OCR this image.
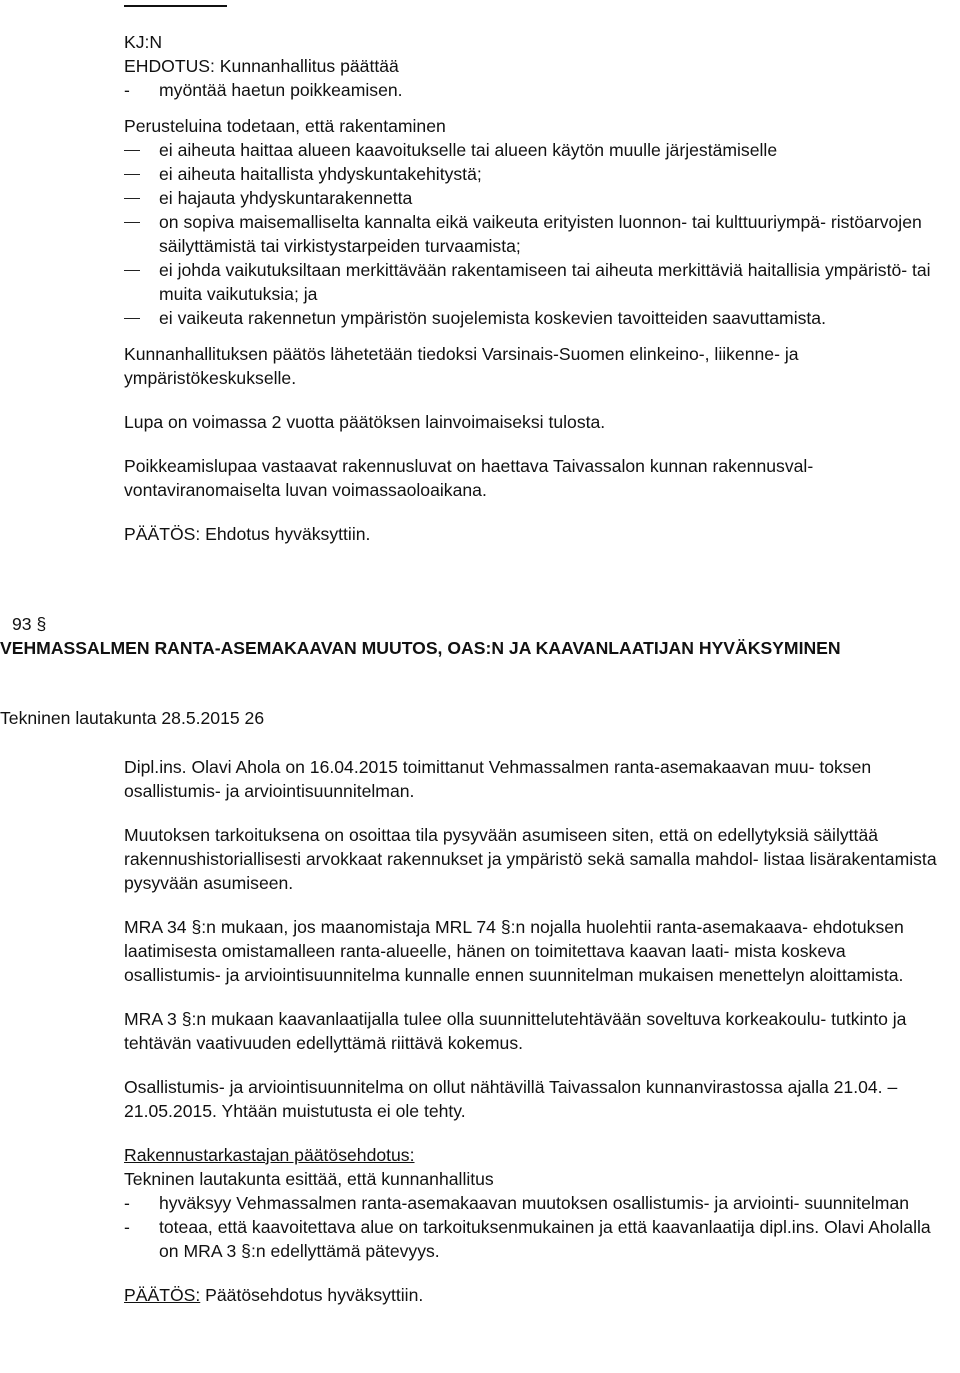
KJ:N
EHDOTUS: Kunnanhallitus päättää
- myöntää haetun poikkeamisen.
Perusteluina todetaan, että rakentaminen
ei aiheuta haittaa alueen kaavoitukselle tai alueen käytön muulle järjestämiselle
ei aiheuta haitallista yhdyskuntakehitystä;
ei hajauta yhdyskuntarakennetta
on sopiva maisemalliselta kannalta eikä vaikeuta erityisten luonnon- tai kulttuuriympä- ristöarvojen säilyttämistä tai virkistystarpeiden turvaamista;
ei johda vaikutuksiltaan merkittävään rakentamiseen tai aiheuta merkittäviä haitallisia ympäristö- tai muita vaikutuksia; ja
ei vaikeuta rakennetun ympäristön suojelemista koskevien tavoitteiden saavuttamista.

Kunnanhallituksen päätös lähetetään tiedoksi Varsinais-Suomen elinkeino-, liikenne- ja ympäristökeskukselle.

Lupa on voimassa 2 vuotta päätöksen lainvoimaiseksi tulosta.

Poikkeamislupaa vastaavat rakennusluvat on haettava Taivassalon kunnan rakennusval- vontaviranomaiselta luvan voimassaoloaikana.

PÄÄTÖS: Ehdotus hyväksyttiin.

93 §
VEHMASSALMEN RANTA-ASEMAKAAVAN MUUTOS, OAS:N JA KAAVANLAATIJAN HYVÄKSYMINEN
Tekninen lautakunta 28.5.2015 26

Dipl.ins. Olavi Ahola on 16.04.2015 toimittanut Vehmassalmen ranta-asemakaavan muu- toksen osallistumis- ja arviointisuunnitelman.

Muutoksen tarkoituksena on osoittaa tila pysyvään asumiseen siten, että on edellytyksiä säilyttää rakennushistoriallisesti arvokkaat rakennukset ja ympäristö sekä samalla mahdol- listaa lisärakentamista pysyvään asumiseen.

MRA 34 §:n mukaan, jos maanomistaja MRL 74 §:n nojalla huolehtii ranta-asemakaava- ehdotuksen laatimisesta omistamalleen ranta-alueelle, hänen on toimitettava kaavan laati- mista koskeva osallistumis- ja arviointisuunnitelma kunnalle ennen suunnitelman mukaisen menettelyn aloittamista.

MRA 3 §:n mukaan kaavanlaatijalla tulee olla suunnittelutehtävään soveltuva korkeakoulu- tutkinto ja tehtävän vaativuuden edellyttämä riittävä kokemus.

Osallistumis- ja arviointisuunnitelma on ollut nähtävillä Taivassalon kunnanvirastossa ajalla 21.04. – 21.05.2015. Yhtään muistutusta ei ole tehty.

Rakennustarkastajan päätösehdotus:
Tekninen lautakunta esittää, että kunnanhallitus
- hyväksyy Vehmassalmen ranta-asemakaavan muutoksen osallistumis- ja arviointi- suunnitelman
- toteaa, että kaavoitettava alue on tarkoituksenmukainen ja että kaavanlaatija dipl.ins. Olavi Aholalla on MRA 3 §:n edellyttämä pätevyys.
PÄÄTÖS: Päätösehdotus hyväksyttiin.
